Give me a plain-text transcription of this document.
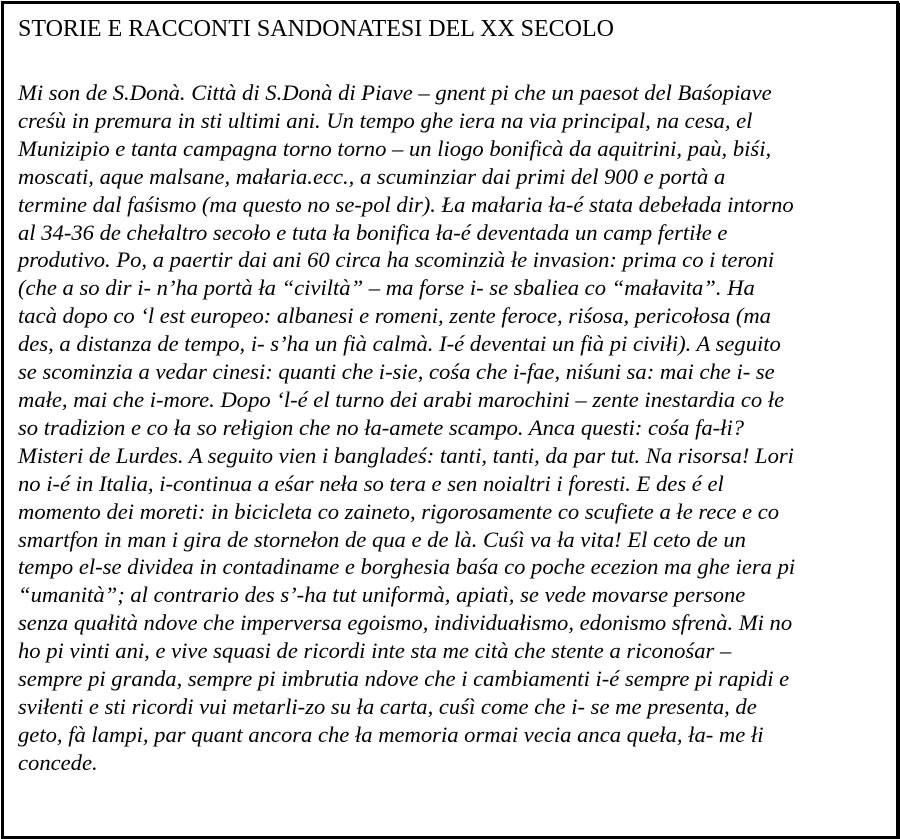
STORIE E RACCONTI SANDONATESI DEL XX SECOLO
Mi son de S.Donà. Città di S.Donà di Piave – gnent pi che un paesot del Baśopiave
creśù in premura in sti ultimi ani. Un tempo ghe iera na via principal, na cesa, el
Munizipio e tanta campagna torno torno – un liogo bonificà da aquitrini, paù, biśi,
moscati, aque malsane, małaria.ecc., a scuminziar dai primi del 900 e portà a
termine dal faśismo (ma questo no se-pol dir). Ła małaria ła-é stata debełada intorno
al 34-36 de chełaltro secoło e tuta ła bonifica ła-é deventada un camp fertiłe e
produtivo. Po, a paertir dai ani 60 circa ha scominzià łe invasion: prima co i teroni
(che a so dir i- n’ha portà ła “civiltà” – ma forse i- se sbaliea co “małavita”. Ha
tacà dopo co ‘l est europeo: albanesi e romeni, zente feroce, riśosa, pericołosa (ma
des, a distanza de tempo, i- s’ha un fià calmà. I-é deventai un fià pi civiłi). A seguito
se scominzia a vedar cinesi: quanti che i-sie, cośa che i-fae, niśuni sa: mai che i- se
małe, mai che i-more. Dopo ‘l-é el turno dei arabi marochini – zente inestardia co łe
so tradizion e co ła so rełigion che no ła-amete scampo. Anca questi: cośa fa-łi?
Misteri de Lurdes. A seguito vien i bangladeś: tanti, tanti, da par tut. Na risorsa! Lori
no i-é in Italia, i-continua a eśar neła so tera e sen noialtri i foresti. E des é el
momento dei moreti: in bicicleta co zaineto, rigorosamente co scufiete a łe rece e co
smartfon in man i gira de stornełon de qua e de là. Cuśì va ła vita! El ceto de un
tempo el-se dividea in contadiname e borghesia baśa co poche ecezion ma ghe iera pi
“umanità”; al contrario des s’-ha tut uniformà, apiatì, se vede movarse persone
senza quałità ndove che imperversa egoismo, individuałismo, edonismo sfrenà. Mi no
ho pi vinti ani, e vive squasi de ricordi inte sta me cità che stente a riconośar –
sempre pi granda, sempre pi imbrutia ndove che i cambiamenti i-é sempre pi rapidi e
sviłenti e sti ricordi vui metarli-zo su ła carta, cuśì come che i- se me presenta, de
geto, fà lampi, par quant ancora che ła memoria ormai vecia anca queła, ła- me łi
concede.
